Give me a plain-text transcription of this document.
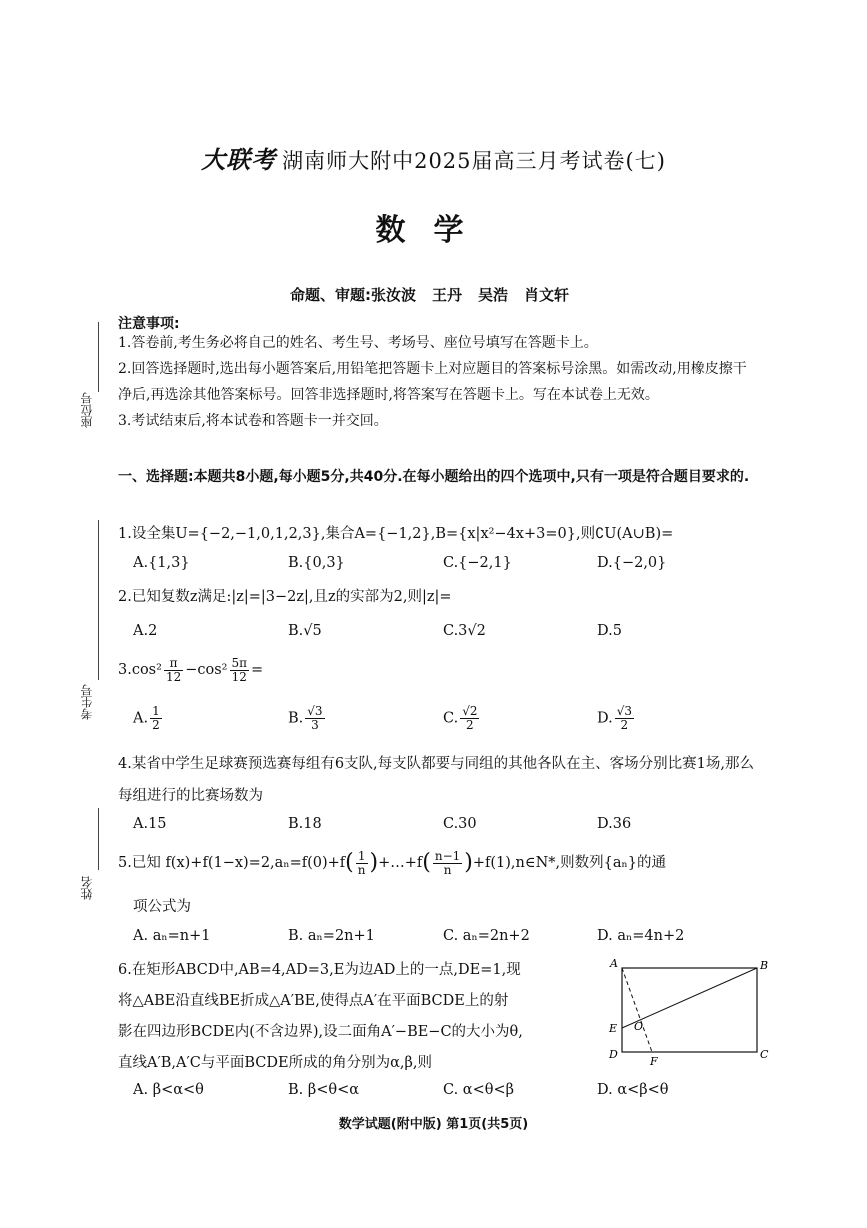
大联考 湖南师大附中2025届高三月考试卷(七)
数学
命题、审题:张汝波 王丹 吴浩 肖文轩
座位号
考生号
姓名
注意事项:
1.答卷前,考生务必将自己的姓名、考生号、考场号、座位号填写在答题卡上。
2.回答选择题时,选出每小题答案后,用铅笔把答题卡上对应题目的答案标号涂黑。如需改动,用橡皮擦干净后,再选涂其他答案标号。回答非选择题时,将答案写在答题卡上。写在本试卷上无效。
3.考试结束后,将本试卷和答题卡一并交回。
一、选择题:本题共8小题,每小题5分,共40分.在每小题给出的四个选项中,只有一项是符合题目要求的.
1.设全集U={−2,−1,0,1,2,3},集合A={−1,2},B={x|x²−4x+3=0},则∁U(A∪B)=
A.{1,3}	B.{0,3}	C.{−2,1}	D.{−2,0}
2.已知复数z满足:|z|=|3−2z|,且z的实部为2,则|z|=
A.2	B.√5	C.3√2	D.5
$3.\cos^2 \frac{\pi}{12} -\cos^2 \frac{5\pi}{12}$ =
A. $\frac{1}{2}$	B. $\frac{√3}{3}$	C. $\frac{√2}{2}$	D. $\frac{√3}{2}$
4.某省中学生足球赛预选赛每组有6支队,每支队都要与同组的其他各队在主、客场分别比赛1场,那么每组进行的比赛场数为
A.15	B.18	C.30	D.36
5.已知 $f(x)+f(1-x)=2,a_n=f(0)+f( \frac{1}{n}$ )+…+f( $\frac{n-1}{n}$ )+f(1),n∈N*,则数列{aₙ}的通
项公式为
A. aₙ=n+1	B. aₙ=2n+1	C. aₙ=2n+2	D. aₙ=4n+2
6.在矩形ABCD中,AB=4,AD=3,E为边AD上的一点,DE=1,现
将△ABE沿直线BE折成△A′BE,使得点A′在平面BCDE上的射
影在四边形BCDE内(不含边界),设二面角A′−BE−C的大小为θ,
直线A′B,A′C与平面BCDE所成的角分别为α,β,则
A. β<α<θ	B. β<θ<α	C. α<θ<β	D. α<β<θ
A	B
C
D
E
F
O
数学试题(附中版) 第1页(共5页)
